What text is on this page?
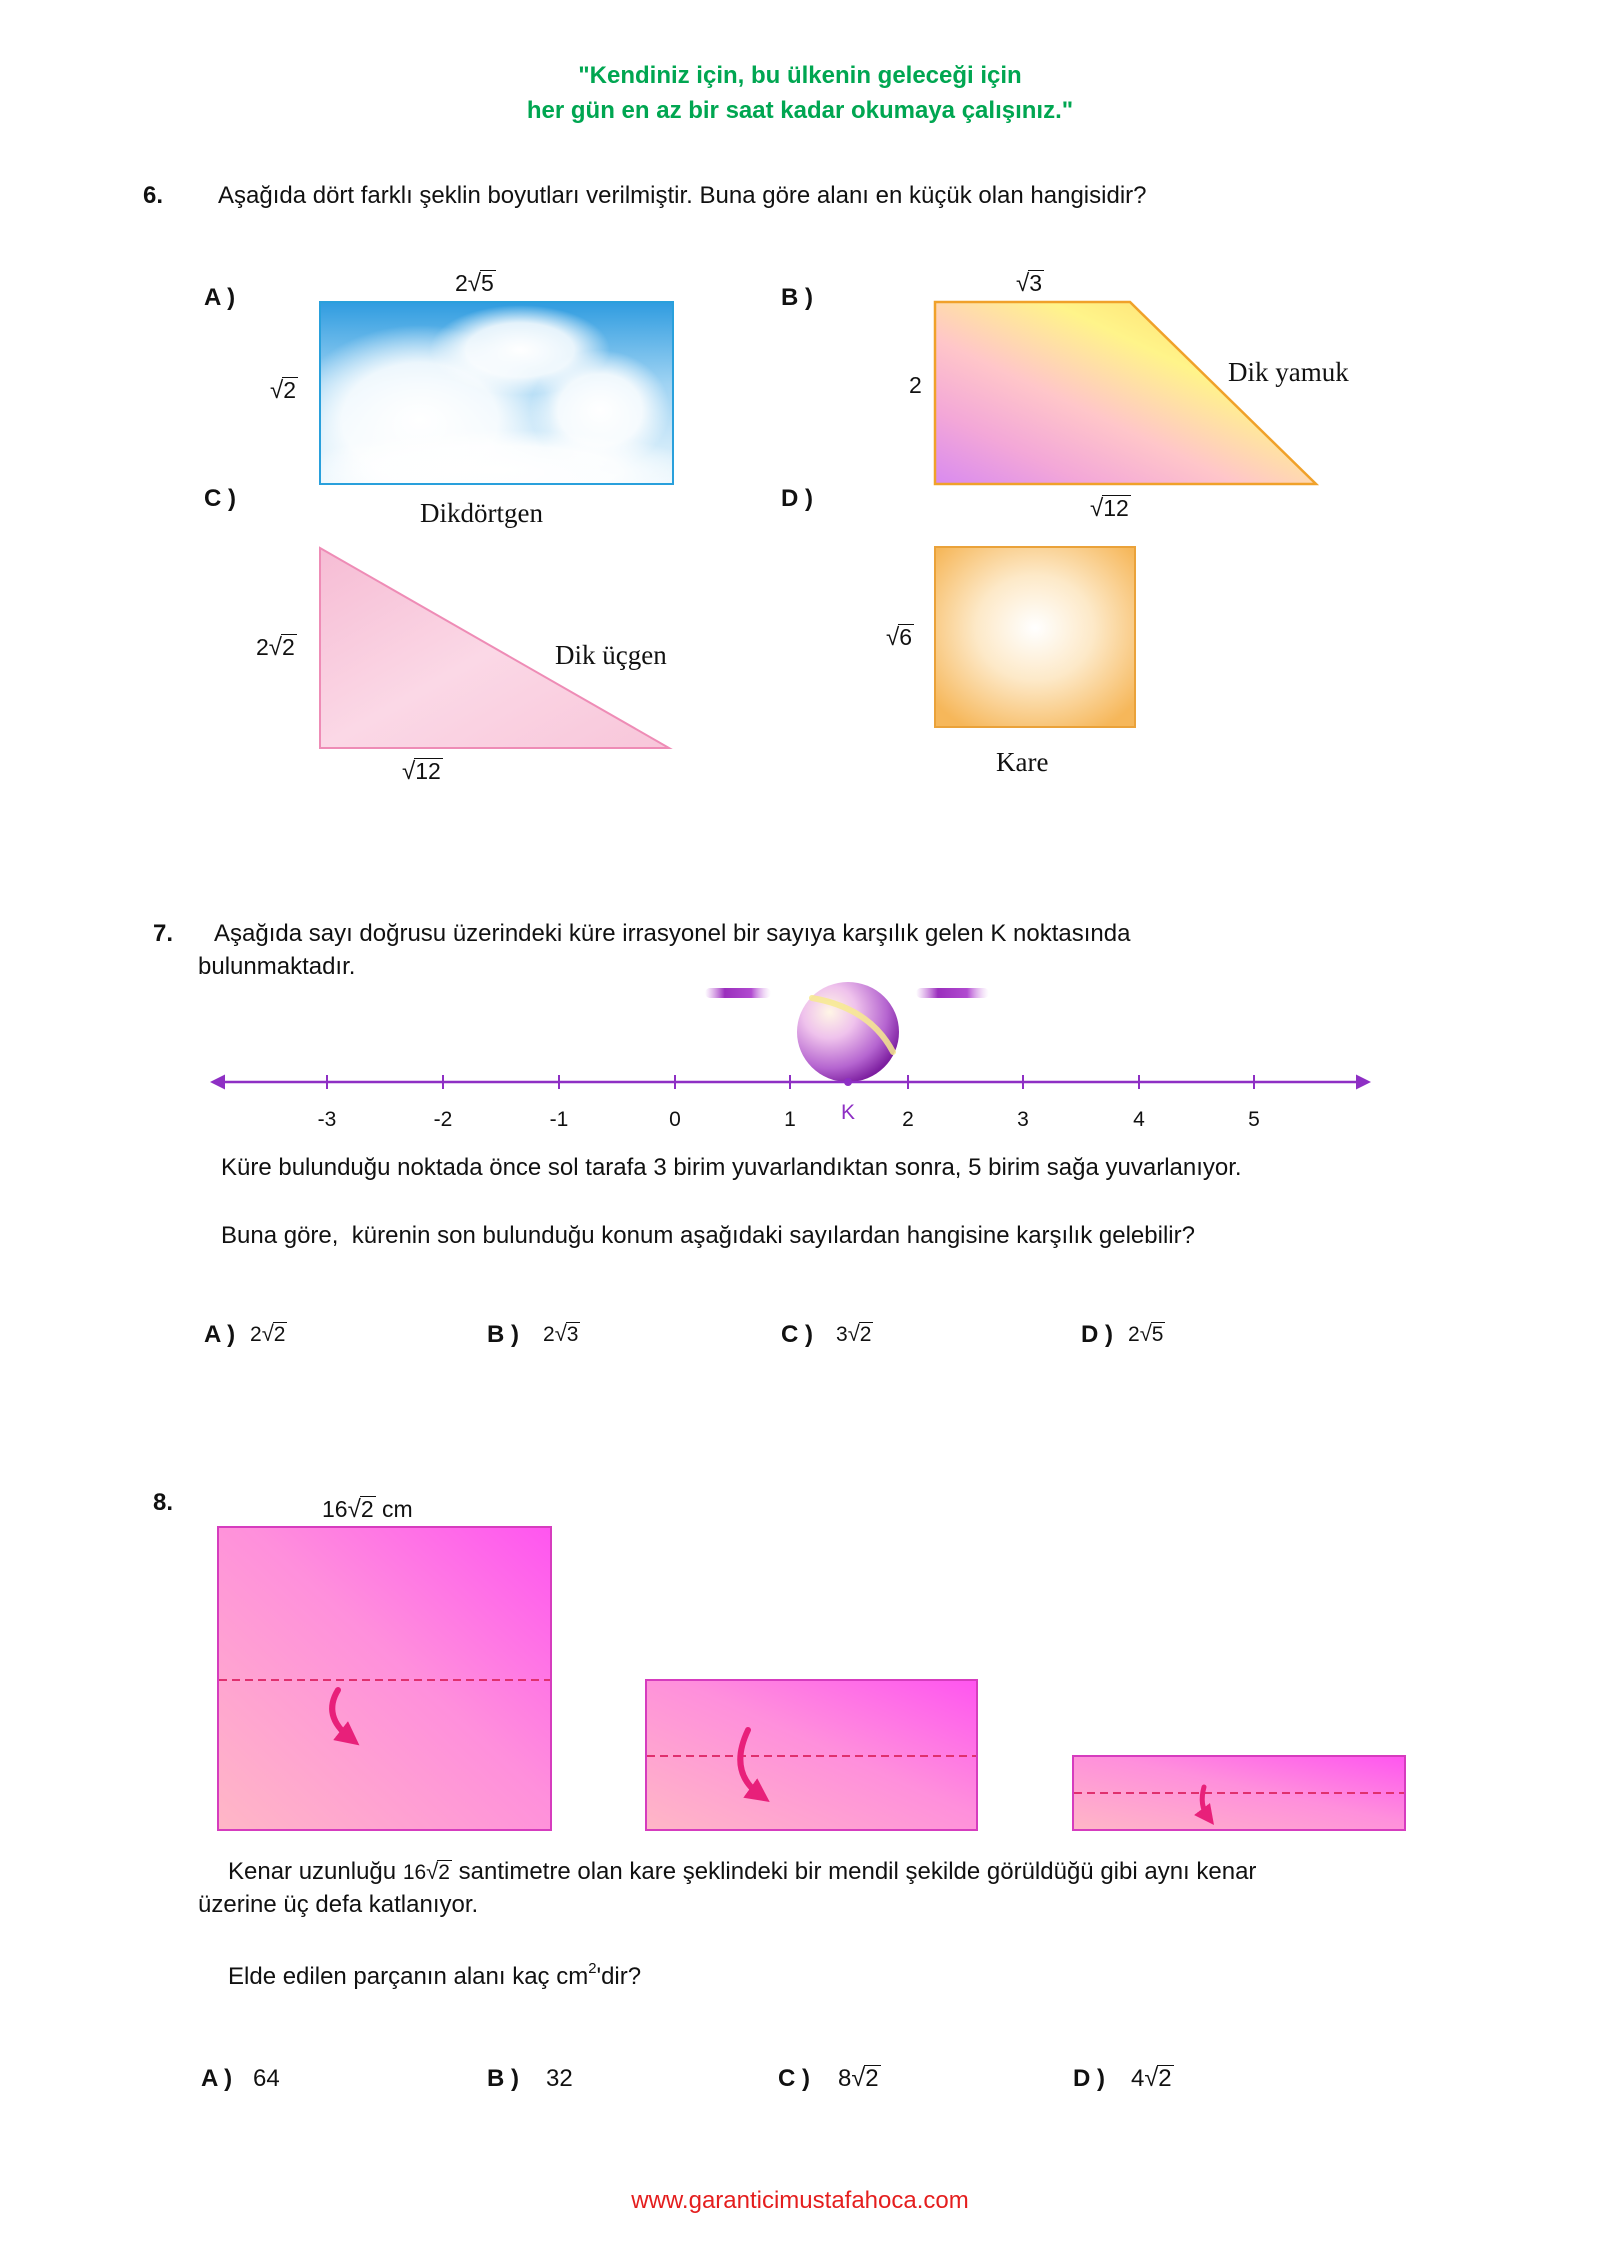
"Kendiniz için, bu ülkenin geleceği için
her gün en az bir saat kadar okumaya çalışınız."
6. Aşağıda dört farklı şeklin boyutları verilmiştir. Buna göre alanı en küçük olan hangisidir?
A )
2√5
√2
Dikdörtgen
B )
√3
2	Dik yamuk
√12
C )
2√2	Dik üçgen
√12
D )
√6
Kare
7. Aşağıda sayı doğrusu üzerindeki küre irrasyonel bir sayıya karşılık gelen K noktasında
bulunmaktadır.
-3	-2	-1	0	1	2	3	4	5
K
Küre bulunduğu noktada önce sol tarafa 3 birim yuvarlandıktan sonra, 5 birim sağa yuvarlanıyor.
Buna göre,  kürenin son bulunduğu konum aşağıdaki sayılardan hangisine karşılık gelebilir?
A ) 2√2	B ) 2√3	C ) 3√2	D ) 2√5
8.	16√2 cm
Kenar uzunluğu 16√2 santimetre olan kare şeklindeki bir mendil şekilde görüldüğü gibi aynı kenar
üzerine üç defa katlanıyor.
Elde edilen parçanın alanı kaç $cm^2'dir$?
A ) 64	B ) 32	C ) 8√2	D ) 4√2
www.garanticimustafahoca.com
